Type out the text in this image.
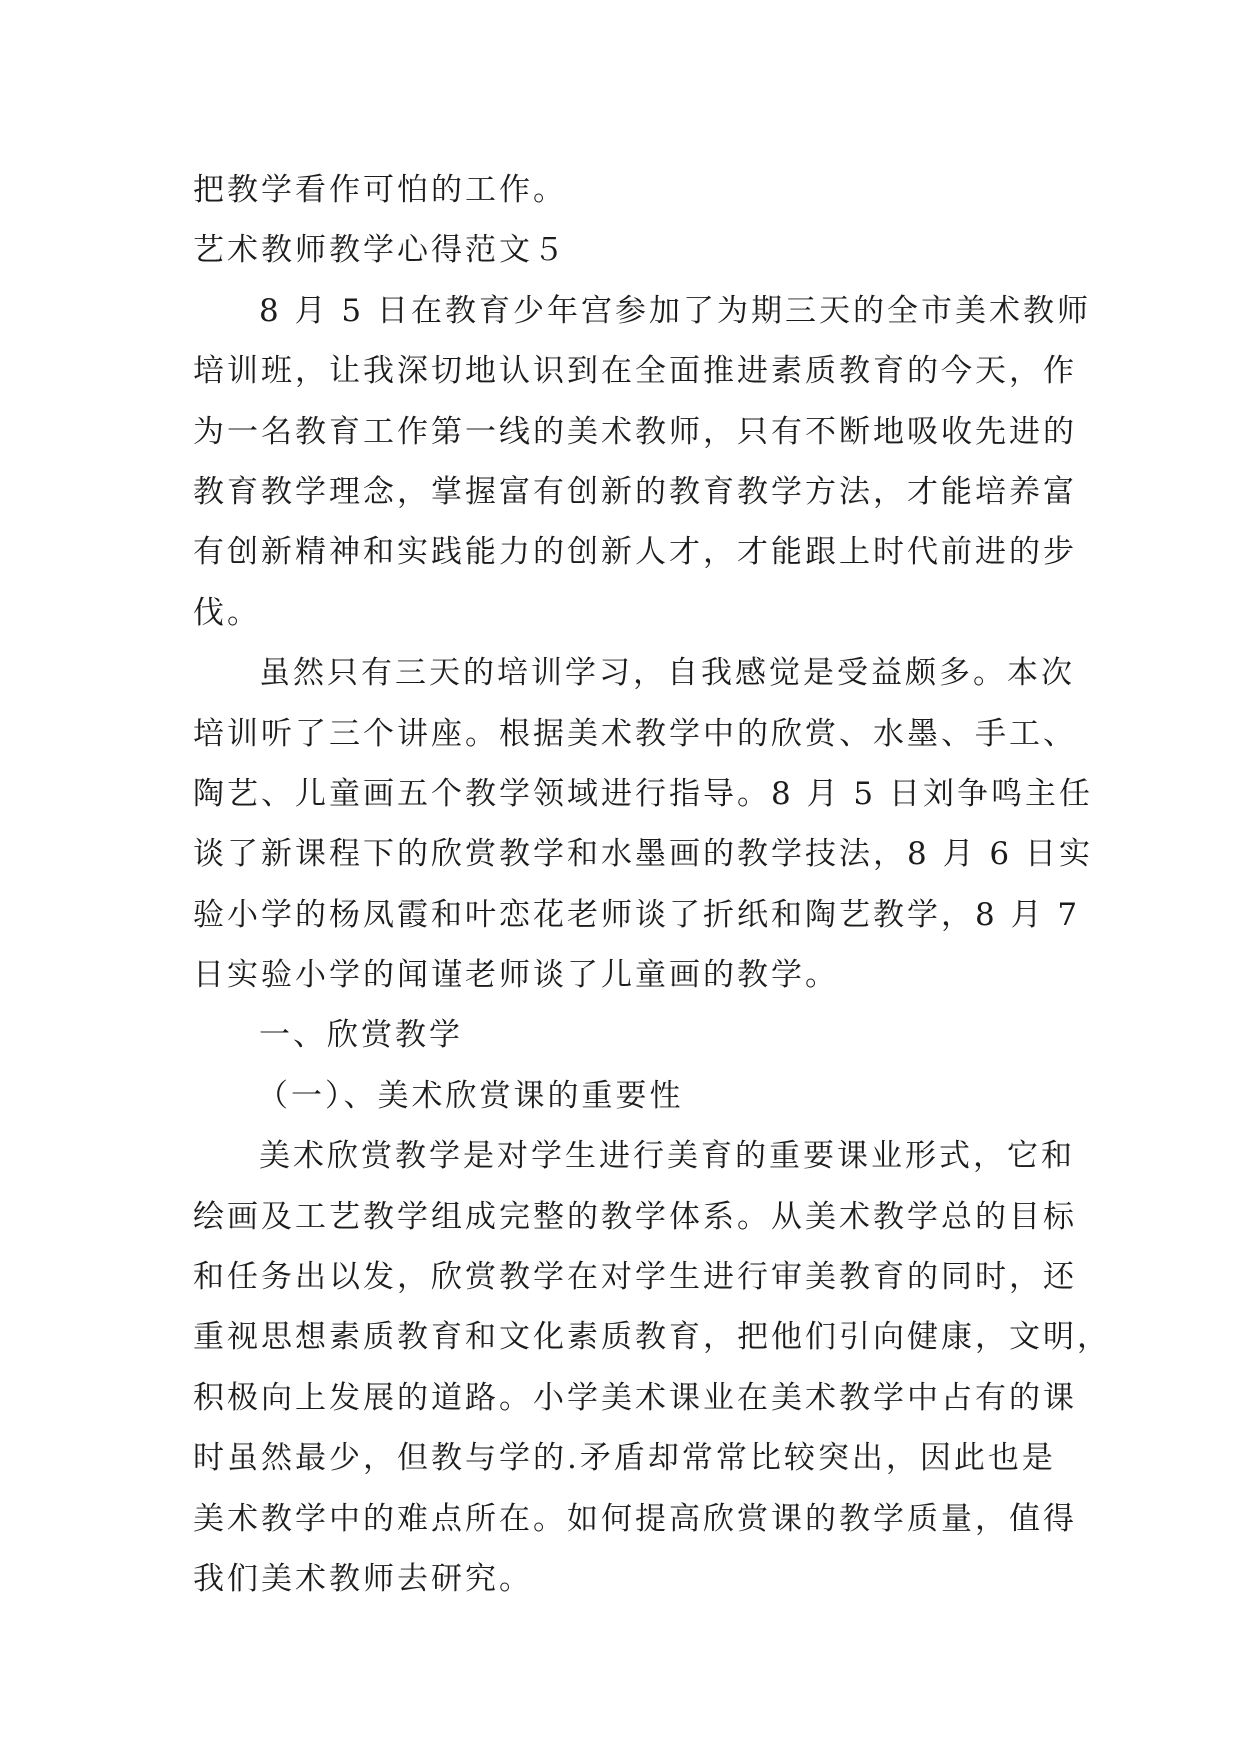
把教学看作可怕的工作。
艺术教师教学心得范文５
8 月 5 日在教育少年宫参加了为期三天的全市美术教师
培训班，让我深切地认识到在全面推进素质教育的今天，作
为一名教育工作第一线的美术教师，只有不断地吸收先进的
教育教学理念，掌握富有创新的教育教学方法，才能培养富
有创新精神和实践能力的创新人才，才能跟上时代前进的步
伐。
虽然只有三天的培训学习，自我感觉是受益颇多。本次
培训听了三个讲座。根据美术教学中的欣赏、水墨、手工、
陶艺、儿童画五个教学领域进行指导。8 月 5 日刘争鸣主任
谈了新课程下的欣赏教学和水墨画的教学技法，8 月 6 日实
验小学的杨凤霞和叶恋花老师谈了折纸和陶艺教学，8 月 7
日实验小学的闻谨老师谈了儿童画的教学。
一、欣赏教学
（一）、美术欣赏课的重要性
美术欣赏教学是对学生进行美育的重要课业形式，它和
绘画及工艺教学组成完整的教学体系。从美术教学总的目标
和任务出以发，欣赏教学在对学生进行审美教育的同时，还
重视思想素质教育和文化素质教育，把他们引向健康，文明，
积极向上发展的道路。小学美术课业在美术教学中占有的课
时虽然最少，但教与学的.矛盾却常常比较突出，因此也是
美术教学中的难点所在。如何提高欣赏课的教学质量，值得
我们美术教师去研究。
